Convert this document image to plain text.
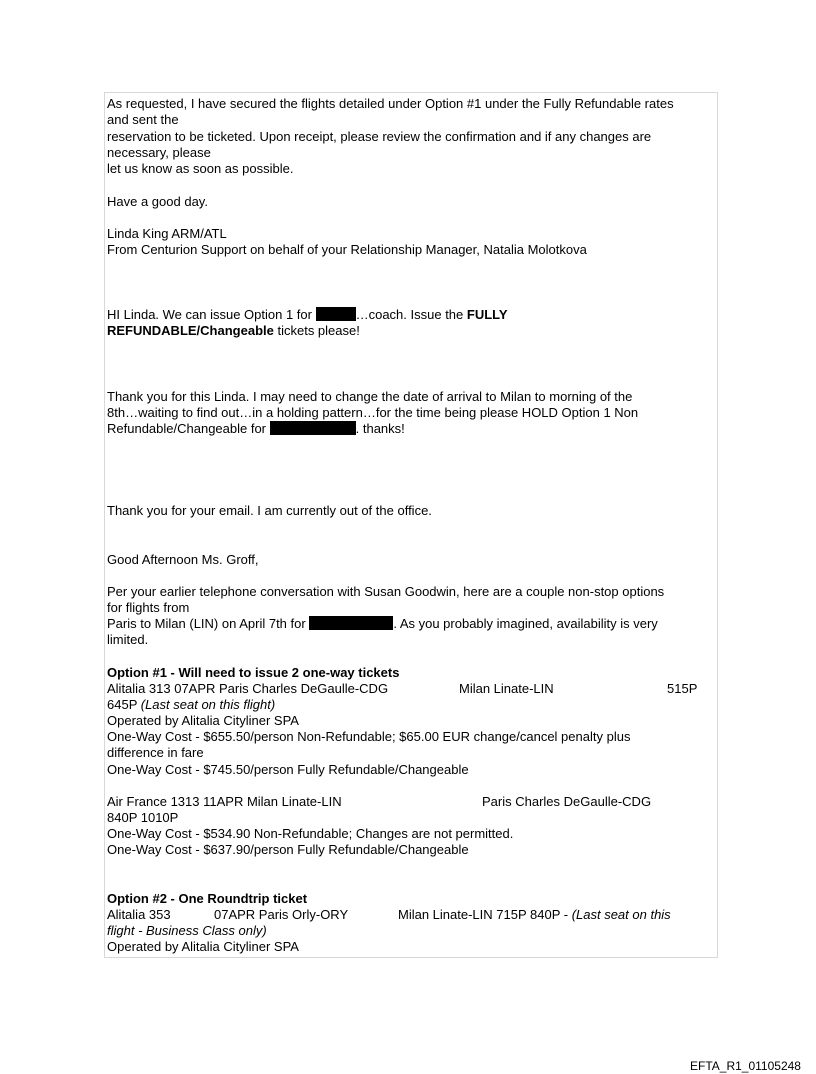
As requested, I have secured the flights detailed under Option #1 under the Fully Refundable rates
and sent the
reservation to be ticketed. Upon receipt, please review the confirmation and if any changes are
necessary, please
let us know as soon as possible.
Have a good day.
Linda King ARM/ATL
From Centurion Support on behalf of your Relationship Manager, Natalia Molotkova
HI Linda. We can issue Option 1 for	…coach. Issue the FULLY
REFUNDABLE/Changeable tickets please!
Thank you for this Linda. I may need to change the date of arrival to Milan to morning of the
8th…waiting to find out…in a holding pattern…for the time being please HOLD Option 1 Non
Refundable/Changeable for	. thanks!
Thank you for your email. I am currently out of the office.
Good Afternoon Ms. Groff,
Per your earlier telephone conversation with Susan Goodwin, here are a couple non-stop options
for flights from
Paris to Milan (LIN) on April 7th for	. As you probably imagined, availability is very
limited.
Option #1 - Will need to issue 2 one-way tickets
Alitalia 313 07APR Paris Charles DeGaulle-CDG	Milan Linate-LIN	515P
645P (Last seat on this flight)
Operated by Alitalia Cityliner SPA
One-Way Cost - $655.50/person Non-Refundable; $65.00 EUR change/cancel penalty plus
difference in fare
One-Way Cost - $745.50/person Fully Refundable/Changeable
Air France 1313 11APR Milan Linate-LIN	Paris Charles DeGaulle-CDG
840P 1010P
One-Way Cost - $534.90 Non-Refundable; Changes are not permitted.
One-Way Cost - $637.90/person Fully Refundable/Changeable
Option #2 - One Roundtrip ticket
Alitalia 353	07APR Paris Orly-ORY	Milan Linate-LIN 715P 840P - (Last seat on this
flight - Business Class only)
Operated by Alitalia Cityliner SPA
EFTA_R1_01105248
